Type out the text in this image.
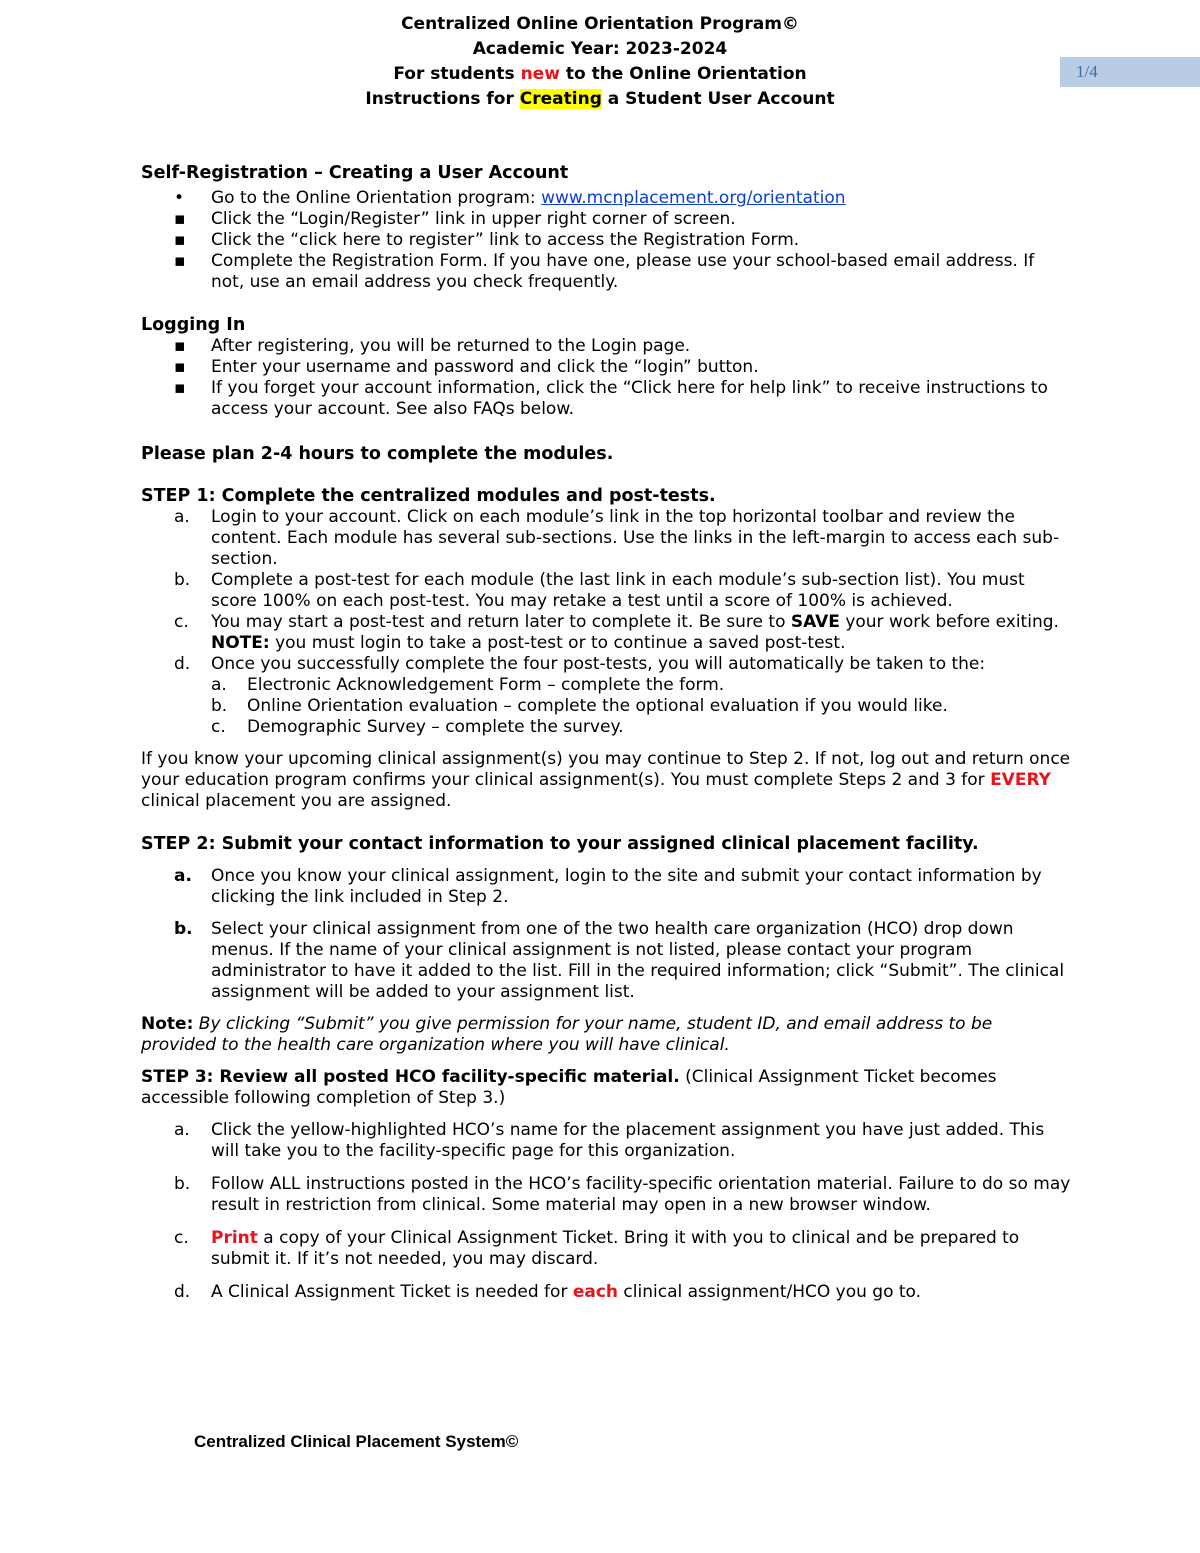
Centralized Online Orientation Program©
Academic Year: 2023-2024
For students new to the Online Orientation
Instructions for Creating a Student User Account
1/4
Self-Registration – Creating a User Account
• Go to the Online Orientation program: www.mcnplacement.org/orientation
▪ Click the “Login/Register” link in upper right corner of screen.
▪ Click the “click here to register” link to access the Registration Form.
▪ Complete the Registration Form. If you have one, please use your school-based email address. If not, use an email address you check frequently.
Logging In
▪ After registering, you will be returned to the Login page.
▪ Enter your username and password and click the “login” button.
▪ If you forget your account information, click the “Click here for help link” to receive instructions to access your account. See also FAQs below.
Please plan 2-4 hours to complete the modules.
STEP 1: Complete the centralized modules and post-tests.
a. Login to your account. Click on each module’s link in the top horizontal toolbar and review the content. Each module has several sub-sections. Use the links in the left-margin to access each sub-section.
b. Complete a post-test for each module (the last link in each module’s sub-section list). You must score 100% on each post-test. You may retake a test until a score of 100% is achieved.
c. You may start a post-test and return later to complete it. Be sure to SAVE your work before exiting. NOTE: you must login to take a post-test or to continue a saved post-test.
d. Once you successfully complete the four post-tests, you will automatically be taken to the:
a. Electronic Acknowledgement Form – complete the form.
b. Online Orientation evaluation – complete the optional evaluation if you would like.
c. Demographic Survey – complete the survey.

If you know your upcoming clinical assignment(s) you may continue to Step 2. If not, log out and return once your education program confirms your clinical assignment(s). You must complete Steps 2 and 3 for EVERY clinical placement you are assigned.

STEP 2: Submit your contact information to your assigned clinical placement facility.
a. Once you know your clinical assignment, login to the site and submit your contact information by clicking the link included in Step 2.
b. Select your clinical assignment from one of the two health care organization (HCO) drop down menus. If the name of your clinical assignment is not listed, please contact your program administrator to have it added to the list. Fill in the required information; click “Submit”. The clinical assignment will be added to your assignment list.

Note: By clicking “Submit” you give permission for your name, student ID, and email address to be provided to the health care organization where you will have clinical.

STEP 3: Review all posted HCO facility-specific material. (Clinical Assignment Ticket becomes accessible following completion of Step 3.)

a. Click the yellow-highlighted HCO’s name for the placement assignment you have just added. This will take you to the facility-specific page for this organization.
b. Follow ALL instructions posted in the HCO’s facility-specific orientation material. Failure to do so may result in restriction from clinical. Some material may open in a new browser window.
c. Print a copy of your Clinical Assignment Ticket. Bring it with you to clinical and be prepared to submit it. If it’s not needed, you may discard.
d. A Clinical Assignment Ticket is needed for each clinical assignment/HCO you go to.
Centralized Clinical Placement System©
